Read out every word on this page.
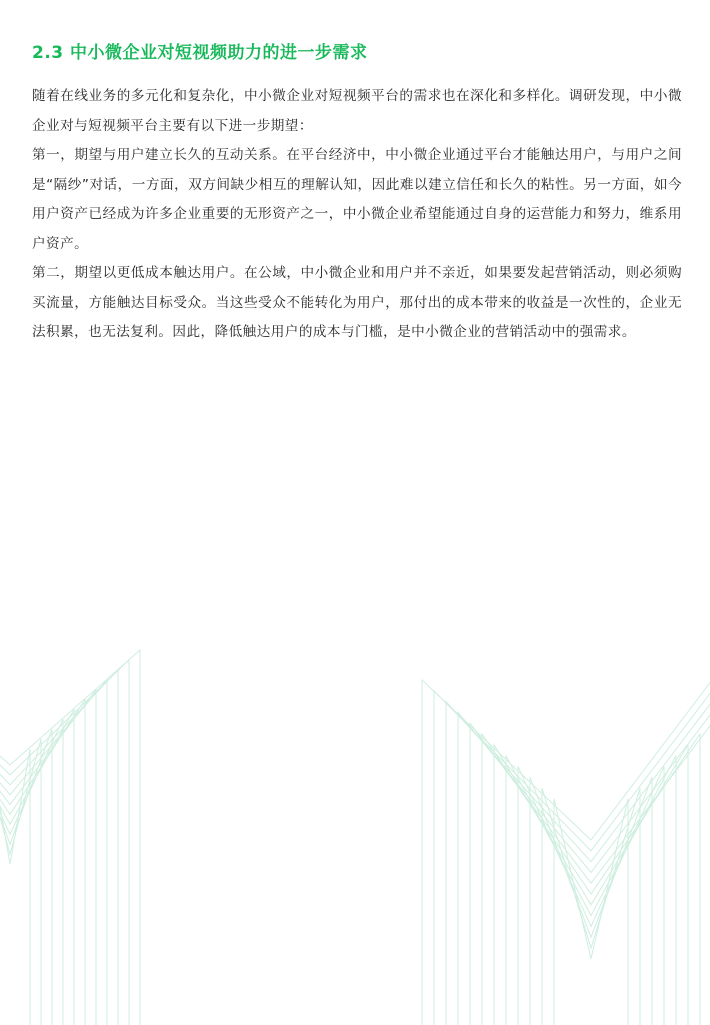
2.3 中小微企业对短视频助力的进一步需求

随着在线业务的多元化和复杂化，中小微企业对短视频平台的需求也在深化和多样化。调研发现，中小微企业对与短视频平台主要有以下进一步期望：

第一，期望与用户建立长久的互动关系。在平台经济中，中小微企业通过平台才能触达用户，与用户之间是“隔纱”对话，一方面，双方间缺少相互的理解认知，因此难以建立信任和长久的粘性。另一方面，如今用户资产已经成为许多企业重要的无形资产之一，中小微企业希望能通过自身的运营能力和努力，维系用户资产。

第二，期望以更低成本触达用户。在公域，中小微企业和用户并不亲近，如果要发起营销活动，则必须购买流量，方能触达目标受众。当这些受众不能转化为用户，那付出的成本带来的收益是一次性的，企业无法积累，也无法复利。因此，降低触达用户的成本与门槛，是中小微企业的营销活动中的强需求。
